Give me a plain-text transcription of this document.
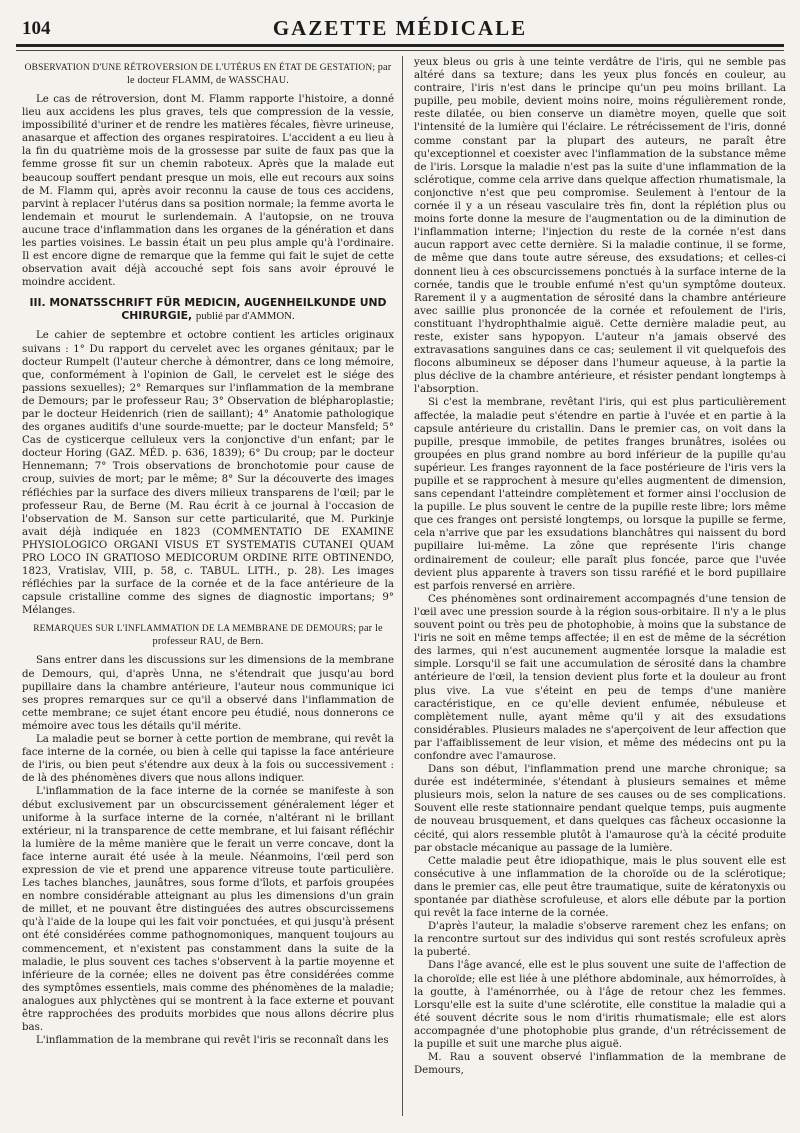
104	GAZETTE MÉDICALE
OBSERVATION D'UNE RÉTROVERSION DE L'UTÉRUS EN ÉTAT DE GESTATION; par le docteur FLAMM, de WASSCHAU.

Le cas de rétroversion, dont M. Flamm rapporte l'histoire, a donné lieu aux accidens les plus graves, tels que compression de la vessie, impossibilité d'uriner et de rendre les matières fécales, fièvre urineuse, anasarque et affection des organes respiratoires. L'accident a eu lieu à la fin du quatrième mois de la grossesse par suite de faux pas que la femme grosse fit sur un chemin raboteux. Après que la malade eut beaucoup souffert pendant presque un mois, elle eut recours aux soins de M. Flamm qui, après avoir reconnu la cause de tous ces accidens, parvint à replacer l'utérus dans sa position normale; la femme avorta le lendemain et mourut le surlendemain. A l'autopsie, on ne trouva aucune trace d'inflammation dans les organes de la génération et dans les parties voisines. Le bassin était un peu plus ample qu'à l'ordinaire. Il est encore digne de remarque que la femme qui fait le sujet de cette observation avait déjà accouché sept fois sans avoir éprouvé le moindre accident.

III. MONATSSCHRIFT FÜR MEDICIN, AUGENHEILKUNDE UND CHIRURGIE, publié par d'AMMON.

Le cahier de septembre et octobre contient les articles originaux suivans : 1° Du rapport du cervelet avec les organes génitaux; par le docteur Rumpelt (l'auteur cherche à démontrer, dans ce long mémoire, que, conformément à l'opinion de Gall, le cervelet est le siége des passions sexuelles); 2° Remarques sur l'inflammation de la membrane de Demours; par le professeur Rau; 3° Observation de blépharoplastie; par le docteur Heidenrich (rien de saillant); 4° Anatomie pathologique des organes auditifs d'une sourde-muette; par le docteur Mansfeld; 5° Cas de cysticerque celluleux vers la conjonctive d'un enfant; par le docteur Horing (GAZ. MÉD. p. 636, 1839); 6° Du croup; par le docteur Hennemann; 7° Trois observations de bronchotomie pour cause de croup, suivies de mort; par le même; 8° Sur la découverte des images réfléchies par la surface des divers milieux transparens de l'œil; par le professeur Rau, de Berne (M. Rau écrit à ce journal à l'occasion de l'observation de M. Sanson sur cette particularité, que M. Purkinje avait déjà indiquée en 1823 (COMMENTATIO DE EXAMINE PHYSIOLOGICO ORGANI VISUS ET SYSTEMATIS CUTANEI QUAM PRO LOCO IN GRATIOSO MEDICORUM ORDINE RITE OBTINENDO, 1823, Vratislav, VIII, p. 58, c. TABUL. LITH., p. 28). Les images réfléchies par la surface de la cornée et de la face antérieure de la capsule cristalline comme des signes de diagnostic importans; 9° Mélanges.

REMARQUES SUR L'INFLAMMATION DE LA MEMBRANE DE DEMOURS; par le professeur RAU, de Bern.

Sans entrer dans les discussions sur les dimensions de la membrane de Demours, qui, d'après Unna, ne s'étendrait que jusqu'au bord pupillaire dans la chambre antérieure, l'auteur nous communique ici ses propres remarques sur ce qu'il a observé dans l'inflammation de cette membrane; ce sujet étant encore peu étudié, nous donnerons ce mémoire avec tous les détails qu'il mérite.

La maladie peut se borner à cette portion de membrane, qui revêt la face interne de la cornée, ou bien à celle qui tapisse la face antérieure de l'iris, ou bien peut s'étendre aux deux à la fois ou successivement : de là des phénomènes divers que nous allons indiquer.

L'inflammation de la face interne de la cornée se manifeste à son début exclusivement par un obscurcissement généralement léger et uniforme à la surface interne de la cornée, n'altérant ni le brillant extérieur, ni la transparence de cette membrane, et lui faisant réfléchir la lumière de la même manière que le ferait un verre concave, dont la face interne aurait été usée à la meule. Néanmoins, l'œil perd son expression de vie et prend une apparence vitreuse toute particulière. Les taches blanches, jaunâtres, sous forme d'îlots, et parfois groupées en nombre considérable atteignant au plus les dimensions d'un grain de millet, et ne pouvant être distinguées des autres obscurcissemens qu'à l'aide de la loupe qui les fait voir ponctuées, et qui jusqu'à présent ont été considérées comme pathognomoniques, manquent toujours au commencement, et n'existent pas constamment dans la suite de la maladie, le plus souvent ces taches s'observent à la partie moyenne et inférieure de la cornée; elles ne doivent pas être considérées comme des symptômes essentiels, mais comme des phénomènes de la maladie; analogues aux phlyctènes qui se montrent à la face externe et pouvant être rapprochées des produits morbides que nous allons décrire plus bas.

L'inflammation de la membrane qui revêt l'iris se reconnaît dans les

yeux bleus ou gris à une teinte verdâtre de l'iris, qui ne semble pas altéré dans sa texture; dans les yeux plus foncés en couleur, au contraire, l'iris n'est dans le principe qu'un peu moins brillant. La pupille, peu mobile, devient moins noire, moins régulièrement ronde, reste dilatée, ou bien conserve un diamètre moyen, quelle que soit l'intensité de la lumière qui l'éclaire. Le rétrécissement de l'iris, donné comme constant par la plupart des auteurs, ne paraît être qu'exceptionnel et coexister avec l'inflammation de la substance même de l'iris. Lorsque la maladie n'est pas la suite d'une inflammation de la sclérotique, comme cela arrive dans quelque affection rhumatismale, la conjonctive n'est que peu compromise. Seulement à l'entour de la cornée il y a un réseau vasculaire très fin, dont la réplétion plus ou moins forte donne la mesure de l'augmentation ou de la diminution de l'inflammation interne; l'injection du reste de la cornée n'est dans aucun rapport avec cette dernière. Si la maladie continue, il se forme, de même que dans toute autre séreuse, des exsudations; et celles-ci donnent lieu à ces obscurcissemens ponctués à la surface interne de la cornée, tandis que le trouble enfumé n'est qu'un symptôme douteux. Rarement il y a augmentation de sérosité dans la chambre antérieure avec saillie plus prononcée de la cornée et refoulement de l'iris, constituant l'hydrophthalmie aiguë. Cette dernière maladie peut, au reste, exister sans hypopyon. L'auteur n'a jamais observé des extravasations sanguines dans ce cas; seulement il vit quelquefois des flocons albumineux se déposer dans l'humeur aqueuse, à la partie la plus déclive de la chambre antérieure, et résister pendant longtemps à l'absorption.

Si c'est la membrane, revêtant l'iris, qui est plus particulièrement affectée, la maladie peut s'étendre en partie à l'uvée et en partie à la capsule antérieure du cristallin. Dans le premier cas, on voit dans la pupille, presque immobile, de petites franges brunâtres, isolées ou groupées en plus grand nombre au bord inférieur de la pupille qu'au supérieur. Les franges rayonnent de la face postérieure de l'iris vers la pupille et se rapprochent à mesure qu'elles augmentent de dimension, sans cependant l'atteindre complètement et former ainsi l'occlusion de la pupille. Le plus souvent le centre de la pupille reste libre; lors même que ces franges ont persisté longtemps, ou lorsque la pupille se ferme, cela n'arrive que par les exsudations blanchâtres qui naissent du bord pupillaire lui-même. La zône que représente l'iris change ordinairement de couleur; elle paraît plus foncée, parce que l'uvée devient plus apparente à travers son tissu raréfié et le bord pupillaire est parfois renversé en arrière.

Ces phénomènes sont ordinairement accompagnés d'une tension de l'œil avec une pression sourde à la région sous-orbitaire. Il n'y a le plus souvent point ou très peu de photophobie, à moins que la substance de l'iris ne soit en même temps affectée; il en est de même de la sécrétion des larmes, qui n'est aucunement augmentée lorsque la maladie est simple. Lorsqu'il se fait une accumulation de sérosité dans la chambre antérieure de l'œil, la tension devient plus forte et la douleur au front plus vive. La vue s'éteint en peu de temps d'une manière caractéristique, en ce qu'elle devient enfumée, nébuleuse et complètement nulle, ayant même qu'il y ait des exsudations considérables. Plusieurs malades ne s'aperçoivent de leur affection que par l'affaiblissement de leur vision, et même des médecins ont pu la confondre avec l'amaurose.

Dans son début, l'inflammation prend une marche chronique; sa durée est indéterminée, s'étendant à plusieurs semaines et même plusieurs mois, selon la nature de ses causes ou de ses complications. Souvent elle reste stationnaire pendant quelque temps, puis augmente de nouveau brusquement, et dans quelques cas fâcheux occasionne la cécité, qui alors ressemble plutôt à l'amaurose qu'à la cécité produite par obstacle mécanique au passage de la lumière.

Cette maladie peut être idiopathique, mais le plus souvent elle est consécutive à une inflammation de la choroïde ou de la sclérotique; dans le premier cas, elle peut être traumatique, suite de kératonyxis ou spontanée par diathèse scrofuleuse, et alors elle débute par la portion qui revêt la face interne de la cornée.

D'après l'auteur, la maladie s'observe rarement chez les enfans; on la rencontre surtout sur des individus qui sont restés scrofuleux après la puberté.

Dans l'âge avancé, elle est le plus souvent une suite de l'affection de la choroïde; elle est liée à une pléthore abdominale, aux hémorroïdes, à la goutte, à l'aménorrhée, ou à l'âge de retour chez les femmes. Lorsqu'elle est la suite d'une sclérotite, elle constitue la maladie qui a été souvent décrite sous le nom d'iritis rhumatismale; elle est alors accompagnée d'une photophobie plus grande, d'un rétrécissement de la pupille et suit une marche plus aiguë.

M. Rau a souvent observé l'inflammation de la membrane de Demours,
